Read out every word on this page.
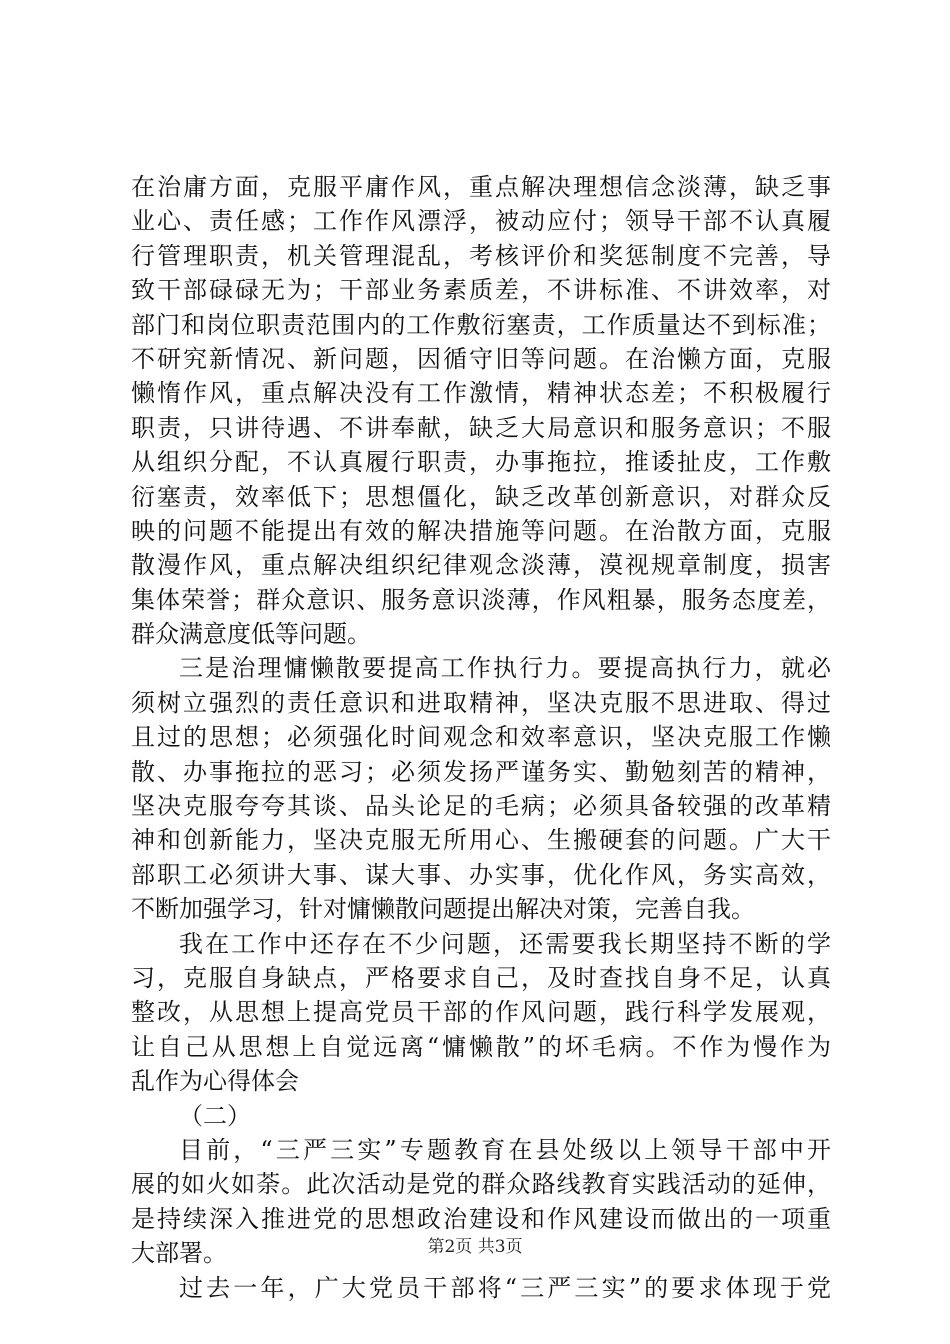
在治庸方面，克服平庸作风，重点解决理想信念淡薄，缺乏事
业心、责任感；工作作风漂浮，被动应付；领导干部不认真履
行管理职责，机关管理混乱，考核评价和奖惩制度不完善，导
致干部碌碌无为；干部业务素质差，不讲标准、不讲效率，对
部门和岗位职责范围内的工作敷衍塞责，工作质量达不到标准；
不研究新情况、新问题，因循守旧等问题。在治懒方面，克服
懒惰作风，重点解决没有工作激情，精神状态差；不积极履行
职责，只讲待遇、不讲奉献，缺乏大局意识和服务意识；不服
从组织分配，不认真履行职责，办事拖拉，推诿扯皮，工作敷
衍塞责，效率低下；思想僵化，缺乏改革创新意识，对群众反
映的问题不能提出有效的解决措施等问题。在治散方面，克服
散漫作风，重点解决组织纪律观念淡薄，漠视规章制度，损害
集体荣誉；群众意识、服务意识淡薄，作风粗暴，服务态度差，
群众满意度低等问题。
三是治理慵懒散要提高工作执行力。要提高执行力，就必
须树立强烈的责任意识和进取精神，坚决克服不思进取、得过
且过的思想；必须强化时间观念和效率意识，坚决克服工作懒
散、办事拖拉的恶习；必须发扬严谨务实、勤勉刻苦的精神，
坚决克服夸夸其谈、品头论足的毛病；必须具备较强的改革精
神和创新能力，坚决克服无所用心、生搬硬套的问题。广大干
部职工必须讲大事、谋大事、办实事，优化作风，务实高效，
不断加强学习，针对慵懒散问题提出解决对策，完善自我。
我在工作中还存在不少问题，还需要我长期坚持不断的学
习，克服自身缺点，严格要求自己，及时查找自身不足，认真
整改，从思想上提高党员干部的作风问题，践行科学发展观，
让自己从思想上自觉远离“慵懒散”的坏毛病。不作为慢作为
乱作为心得体会
（二）
目前，“三严三实”专题教育在县处级以上领导干部中开
展的如火如荼。此次活动是党的群众路线教育实践活动的延伸，
是持续深入推进党的思想政治建设和作风建设而做出的一项重
大部署。
过去一年，广大党员干部将“三严三实”的要求体现于党
第2页 共3页
